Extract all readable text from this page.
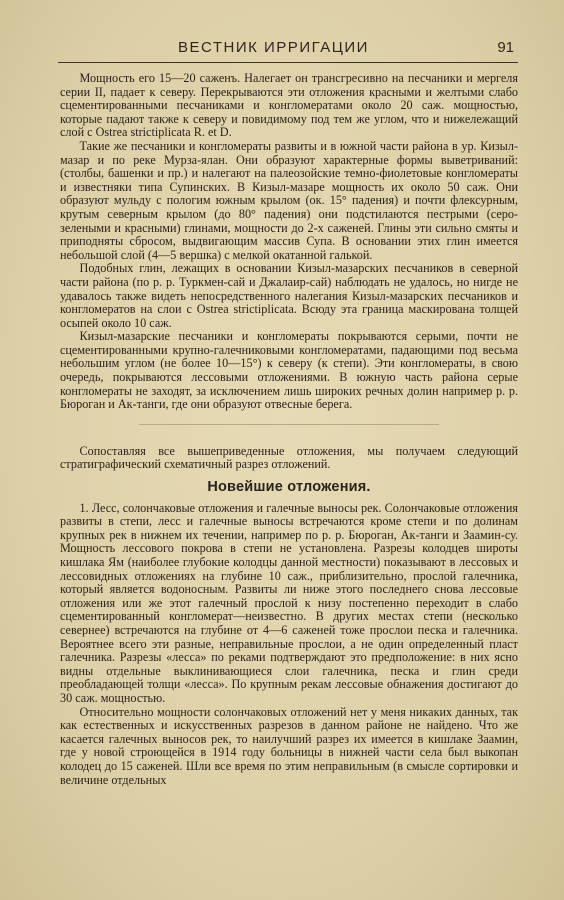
ВЕСТНИК ИРРИГАЦИИ	91

Мощность его 15—20 саженъ. Налегает он трансгресивно на песчаники и мергеля серии II, падает к северу. Перекрываются эти отложения красными и желтыми слабо сцементированными песчаниками и конгломератами около 20 саж. мощностью, которые падают также к северу и повидимому под тем же углом, что и нижележащий слой с Ostrea strictiplicata R. et D.

Такие же песчаники и конгломераты развиты и в южной части района в ур. Кизыл-мазар и по реке Мурза-ялан. Они образуют характерные формы выветриваний: (столбы, башенки и пр.) и налегают на палеозойские темно-фиолетовые конгломераты и известняки типа Супинских. В Кизыл-мазаре мощность их около 50 саж. Они образуют мульду с пологим южным крылом (ок. 15° падения) и почти флексурным, крутым северным крылом (до 80° падения) они подстилаются пестрыми (серо-зелеными и красными) глинами, мощности до 2-х саженей. Глины эти сильно смяты и приподняты сбросом, выдвигающим массив Супа. В основании этих глин имеется небольшой слой (4—5 вершка) с мелкой окатанной галькой.

Подобных глин, лежащих в основании Кизыл-мазарских песчаников в северной части района (по р. р. Туркмен-сай и Джалаир-сай) наблюдать не удалось, но нигде не удавалось также видеть непосредственного налегания Кизыл-мазарских песчаников и конгломератов на слои с Ostrea strictiplicata. Всюду эта граница маскирована толщей осыпей около 10 саж.

Кизыл-мазарские песчаники и конгломераты покрываются серыми, почти не сцементированными крупно-галечниковыми конгломератами, падающими под весьма небольшим углом (не более 10—15°) к северу (к степи). Эти конгломераты, в свою очередь, покрываются лессовыми отложениями. В южную часть района серые конгломераты не заходят, за исключением лишь широких речных долин например р. р. Бюроган и Ак-танги, где они образуют отвесные берега.

Сопоставляя все вышеприведенные отложения, мы получаем следующий стратиграфический схематичный разрез отложений.

Новейшие отложения.

1. Лесс, солончаковые отложения и галечные выносы рек. Солончаковые отложения развиты в степи, лесс и галечные выносы встречаются кроме степи и по долинам крупных рек в нижнем их течении, например по р. р. Бюроган, Ак-танги и Заамин-су. Мощность лессового покрова в степи не установлена. Разрезы колодцев широты кишлака Ям (наиболее глубокие колодцы данной местности) показывают в лессовых и лессовидных отложениях на глубине 10 саж., приблизительно, прослой галечника, который является водоносным. Развиты ли ниже этого последнего снова лессовые отложения или же этот галечный прослой к низу постепенно переходит в слабо сцементированный конгломерат—неизвестно. В других местах степи (несколько севернее) встречаются на глубине от 4—6 саженей тоже прослои песка и галечника. Вероятнее всего эти разные, неправильные прослои, а не один определенный пласт галечника. Разрезы «лесса» по реками подтверждают это предположение: в них ясно видны отдельные выклинивающиеся слои галечника, песка и глин среди преобладающей толщи «лесса». По крупным рекам лессовые обнажения достигают до 30 саж. мощностью.

Относительно мощности солончаковых отложений нет у меня никаких данных, так как естественных и искусственных разрезов в данном районе не найдено. Что же касается галечных выносов рек, то наилучший разрез их имеется в кишлаке Заамин, где у новой строющейся в 1914 году больницы в нижней части села был выкопан колодец до 15 саженей. Шли все время по этим неправильным (в смысле сортировки и величине отдельных
